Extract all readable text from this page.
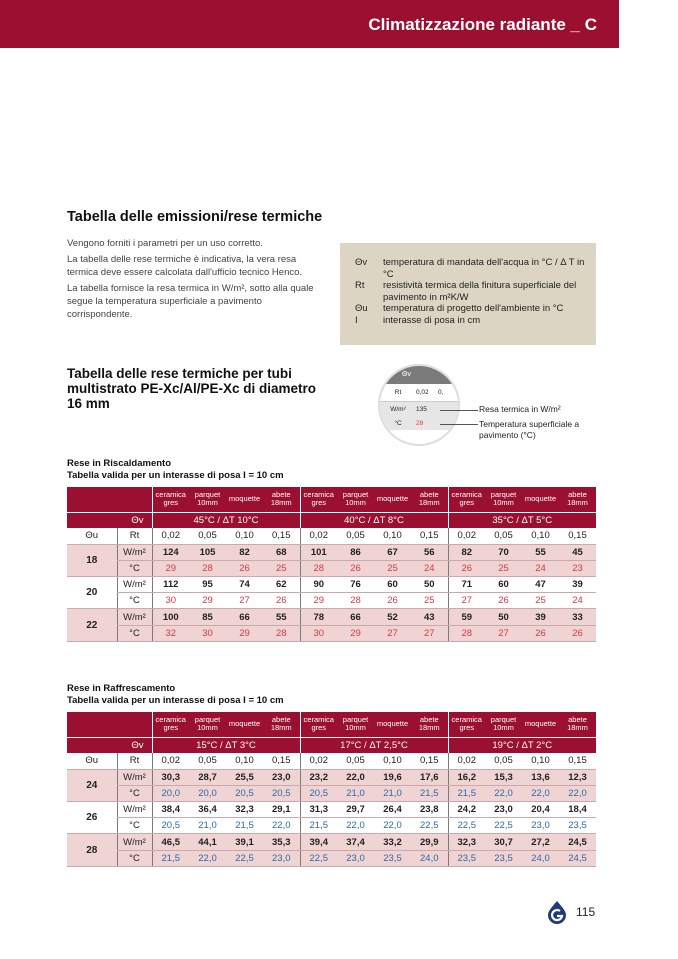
Climatizzazione radiante _ C
Tabella delle emissioni/rese termiche

Vengono forniti i parametri per un uso corretto.

La tabella delle rese termiche è indicativa, la vera resa termica deve essere calcolata dall'ufficio tecnico Henco.

La tabella fornisce la resa termica in W/m², sotto alla quale segue la temperatura superficiale a pavimento corrispondente.

Θv	temperatura di mandata dell'acqua in °C / Δ T in °C
Rt	resistività termica della finitura superficiale del pavimento in m²K/W
Θu	temperatura di progetto dell'ambiente in °C
I	interasse di posa in cm
Tabella delle rese termiche per tubi multistrato PE-Xc/Al/PE-Xc di diametro 16 mm
Θv
Rt	0,02	0,
W/m²	135
°C	28
Resa termica in W/m²
Temperatura superficiale a pavimento (°C)
Rese in Riscaldamento
Tabella valida per un interasse di posa I = 10 cm
		ceramica gres	parquet 10mm	moquette	abete 18mm	ceramica gres	parquet 10mm	moquette	abete 18mm	ceramica gres	parquet 10mm	moquette	abete 18mm
Θv		45°C / ΔT 10°C				40°C / ΔT 8°C				35°C / ΔT 5°C			
Θu	Rt	0,02	0,05	0,10	0,15	0,02	0,05	0,10	0,15	0,02	0,05	0,10	0,15
18	W/m²	124	105	82	68	101	86	67	56	82	70	55	45
	°C	29	28	26	25	28	26	25	24	26	25	24	23
20	W/m²	112	95	74	62	90	76	60	50	71	60	47	39
	°C	30	29	27	26	29	28	26	25	27	26	25	24
22	W/m²	100	85	66	55	78	66	52	43	59	50	39	33
	°C	32	30	29	28	30	29	27	27	28	27	26	26
Rese in Raffrescamento
Tabella valida per un interasse di posa I = 10 cm
		ceramica gres	parquet 10mm	moquette	abete 18mm	ceramica gres	parquet 10mm	moquette	abete 18mm	ceramica gres	parquet 10mm	moquette	abete 18mm
Θv		15°C / ΔT 3°C				17°C / ΔT 2,5°C				19°C / ΔT 2°C			
Θu	Rt	0,02	0,05	0,10	0,15	0,02	0,05	0,10	0,15	0,02	0,05	0,10	0,15
24	W/m²	30,3	28,7	25,5	23,0	23,2	22,0	19,6	17,6	16,2	15,3	13,6	12,3
	°C	20,0	20,0	20,5	20,5	20,5	21,0	21,0	21,5	21,5	22,0	22,0	22,0
26	W/m²	38,4	36,4	32,3	29,1	31,3	29,7	26,4	23,8	24,2	23,0	20,4	18,4
	°C	20,5	21,0	21,5	22,0	21,5	22,0	22,0	22,5	22,5	22,5	23,0	23,5
28	W/m²	46,5	44,1	39,1	35,3	39,4	37,4	33,2	29,9	32,3	30,7	27,2	24,5
	°C	21,5	22,0	22,5	23,0	22,5	23,0	23,5	24,0	23,5	23,5	24,0	24,5
115
